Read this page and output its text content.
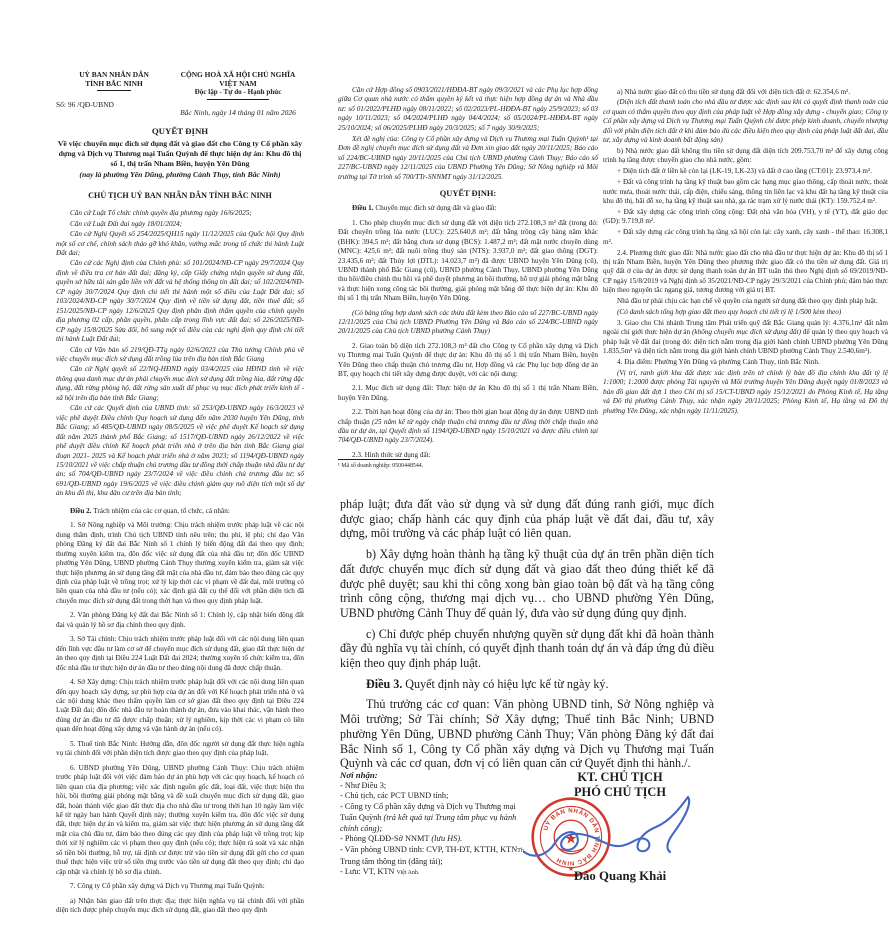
UỶ BAN NHÂN DÂN
TỈNH BẮC NINH
Số: 96 /QĐ-UBND
CỘNG HOÀ XÃ HỘI CHỦ NGHĨA VIỆT NAM
Độc lập - Tự do - Hạnh phúc
Bắc Ninh, ngày 14 tháng 01 năm 2026
QUYẾT ĐỊNH
Về việc chuyển mục đích sử dụng đất và giao đất cho Công ty Cổ phần xây dựng và Dịch vụ Thương mại Tuấn Quỳnh để thực hiện dự án: Khu đô thị số 1, thị trấn Nham Biền, huyện Yên Dũng
(nay là phường Yên Dũng, phường Cảnh Thụy, tỉnh Bắc Ninh)
CHỦ TỊCH UỶ BAN NHÂN DÂN TỈNH BẮC NINH

Căn cứ Luật Tổ chức chính quyền địa phương ngày 16/6/2025;

Căn cứ Luật Đất đai ngày 18/01/2024;

Căn cứ Nghị Quyết số 254/2025/QH15 ngày 11/12/2025 của Quốc hội Quy định một số cơ chế, chính sách tháo gỡ khó khăn, vướng mắc trong tổ chức thi hành Luật Đất đai;

Căn cứ các Nghị định của Chính phủ: số 101/2024/NĐ-CP ngày 29/7/2024 Quy định về điều tra cơ bản đất đai; đăng ký, cấp Giấy chứng nhận quyền sử dụng đất, quyền sở hữu tài sản gắn liền với đất và hệ thống thông tin đất đai; số 102/2024/NĐ-CP ngày 30/7/2024 Quy định chi tiết thi hành một số điều của Luật Đất đai; số 103/2024/NĐ-CP ngày 30/7/2024 Quy định về tiền sử dụng đất, tiền thuê đất; số 151/2025/NĐ-CP ngày 12/6/2025 Quy định phân định thẩm quyền của chính quyền địa phương 02 cấp, phân quyền, phân cấp trong lĩnh vực đất đai; số 226/2025/NĐ-CP ngày 15/8/2025 Sửa đổi, bổ sung một số điều của các nghị định quy định chi tiết thi hành Luật Đất đai;

Căn cứ Văn bản số 219/QĐ-TTg ngày 02/6/2023 của Thủ tướng Chính phủ về việc chuyển mục đích sử dụng đất trồng lúa trên địa bàn tỉnh Bắc Giang

Căn cứ Nghị quyết số 22/NQ-HĐND ngày 03/4/2025 của HĐND tỉnh về việc thông qua danh mục dự án phải chuyển mục đích sử dụng đất trồng lúa, đất rừng đặc dụng, đất rừng phòng hộ, đất rừng sản xuất để phục vụ mục đích phát triển kinh tế - xã hội trên địa bàn tỉnh Bắc Giang;

Căn cứ các Quyết định của UBND tỉnh: số 253/QĐ-UBND ngày 16/3/2023 về việc phê duyệt Điều chỉnh Quy hoạch sử dụng đến năm 2030 huyện Yên Dũng, tỉnh Bắc Giang; số 485/QĐ-UBND ngày 08/5/2025 về việc phê duyệt Kế hoạch sử dụng đất năm 2025 thành phố Bắc Giang; số 1517/QĐ-UBND ngày 26/12/2022 về việc phê duyệt điều chỉnh Kế hoạch phát triển nhà ở trên địa bàn tỉnh Bắc Giang giai đoạn 2021- 2025 và Kế hoạch phát triển nhà ở năm 2023; số 1194/QĐ-UBND ngày 15/10/2021 về việc chấp thuận chủ trương đầu tư đồng thời chấp thuận nhà đầu tư dự án; số 704/QĐ-UBND ngày 23/7/2024 về việc điều chỉnh chủ trương đầu tư; số 691/QĐ-UBND ngày 19/6/2025 về việc điều chỉnh giảm quy mô diện tích một số dự án khu đô thị, khu dân cư trên địa bàn tỉnh;

Điều 2. Trách nhiệm của các cơ quan, tổ chức, cá nhân:

1. Sở Nông nghiệp và Môi trường: Chịu trách nhiệm trước pháp luật về các nội dung thẩm định, trình Chủ tịch UBND tỉnh nêu trên; thu phí, lệ phí; chỉ đạo Văn phòng Đăng ký đất đai Bắc Ninh số 1 chỉnh lý biến động đất đai theo quy định; thường xuyên kiểm tra, đôn đốc việc sử dụng đất của nhà đầu tư; đôn đốc UBND phường Yên Dũng, UBND phường Cảnh Thụy thường xuyên kiểm tra, giám sát việc thực hiện phương án sử dụng tầng đất mặt của nhà đầu tư, đảm bảo theo đúng các quy định của pháp luật về trồng trọt; xử lý kịp thời các vi phạm về đất đai, môi trường có liên quan của nhà đầu tư (nếu có); xác định giá đất cụ thể đối với phần diện tích đã chuyển mục đích sử dụng đất trong thời hạn và theo quy định pháp luật.

2. Văn phòng Đăng ký đất đai Bắc Ninh số 1: Chỉnh lý, cập nhật biến động đất đai và quản lý hồ sơ địa chính theo quy định.

3. Sở Tài chính: Chịu trách nhiệm trước pháp luật đối với các nội dung liên quan đến lĩnh vực đầu tư làm cơ sở để chuyển mục đích sử dụng đất, giao đất thực hiện dự án theo quy định tại Điều 224 Luật Đất đai 2024; thường xuyên tổ chức kiểm tra, đôn đốc nhà đầu tư thực hiện dự án đầu tư theo đúng nội dung đã được chấp thuận.

4. Sở Xây dựng: Chịu trách nhiệm trước pháp luật đối với các nội dung liên quan đến quy hoạch xây dựng, sự phù hợp của dự án đối với Kế hoạch phát triển nhà ở và các nội dung khác theo thẩm quyền làm cơ sở giao đất theo quy định tại Điều 224 Luật Đất đai; đôn đốc nhà đầu tư hoàn thành dự án, đưa vào khai thác, vận hành theo đúng dự án đầu tư đã được chấp thuận; xử lý nghiêm, kịp thời các vi phạm có liên quan đến hoạt động xây dựng và vận hành dự án (nếu có).

5. Thuế tỉnh Bắc Ninh: Hướng dẫn, đôn đốc người sử dụng đất thực hiện nghĩa vụ tài chính đối với phần diện tích được giao theo quy định của pháp luật.

6. UBND phường Yên Dũng, UBND phường Cảnh Thụy: Chịu trách nhiệm trước pháp luật đối với việc đảm bảo dự án phù hợp với các quy hoạch, kế hoạch có liên quan của địa phương; việc xác định nguồn gốc đất, loại đất, việc thực hiện thu hồi, bồi thường giải phóng mặt bằng và đề xuất chuyển mục đích sử dụng đất, giao đất, hoàn thành việc giao đất thực địa cho nhà đầu tư trong thời hạn 10 ngày làm việc kể từ ngày ban hành Quyết định này; thường xuyên kiểm tra, đôn đốc việc sử dụng đất, thực hiện dự án và kiểm tra, giám sát việc thực hiện phương án sử dụng tầng đất mặt của chủ đầu tư, đảm bảo theo đúng các quy định của pháp luật về trồng trọt; kịp thời xử lý nghiêm các vi phạm theo quy định (nếu có); thực hiện rà soát và xác nhận số tiền bồi thường, hỗ trợ, tái định cư được trừ vào tiền sử dụng đất gửi cho cơ quan thuế thực hiện việc trừ số tiền ứng trước vào tiền sử dụng đất theo quy định; chỉ đạo cập nhật và chỉnh lý hồ sơ địa chính.

7. Công ty Cổ phần xây dựng và Dịch vụ Thương mại Tuấn Quỳnh:

a) Nhận bàn giao đất trên thực địa; thực hiện nghĩa vụ tài chính đối với phần diện tích được phép chuyển mục đích sử dụng đất, giao đất theo quy định

Căn cứ Hợp đồng số 0903/2021/HĐĐA-BT ngày 09/3/2021 và các Phụ lục hợp đồng giữa Cơ quan nhà nước có thẩm quyền ký kết và thực hiện hợp đồng dự án và Nhà đầu tư: số 01/2022/PLHĐ ngày 08/11/2022; số 02/2023/PL-HĐĐA-BT ngày 25/9/2023; số 03 ngày 10/11/2023; số 04/2024/PLHĐ ngày 04/4/2024; số 05/2024/PL-HĐĐA-BT ngày 25/10/2024; số 06/2025/PLHĐ ngày 20/3/2025; số 7 ngày 30/9/2025;

Xét đề nghị của: Công ty Cổ phần xây dựng và Dịch vụ Thương mại Tuấn Quỳnh¹ tại Đơn đề nghị chuyển mục đích sử dụng đất và Đơn xin giao đất ngày 20/11/2025; Báo cáo số 224/BC-UBND ngày 20/11/2025 của Chủ tịch UBND phường Cảnh Thụy; Báo cáo số 227/BC-UBND ngày 12/11/2025 của UBND Phường Yên Dũng; Sở Nông nghiệp và Môi trường tại Tờ trình số 700/TTr-SNNMT ngày 31/12/2025.

QUYẾT ĐỊNH:

Điều 1. Chuyển mục đích sử dụng đất và giao đất:

1. Cho phép chuyển mục đích sử dụng đất với diện tích 272.108,3 m² đất (trong đó: Đất chuyên trồng lúa nước (LUC): 225.640,8 m²; đất bằng trồng cây hàng năm khác (BHK): 394,5 m²; đất bằng chưa sử dụng (BCS): 1.487,2 m²; đất mặt nước chuyên dùng (MNC): 425,6 m²; đất nuôi trồng thuỷ sản (NTS): 3.937,0 m²; đất giao thông (DGT): 23.435,6 m²; đất Thủy lợi (DTL): 14.023,7 m²) đã được UBND huyện Yên Dũng (cũ), UBND thành phố Bắc Giang (cũ), UBND phường Cảnh Thụy, UBND phường Yên Dũng thu hồi/điều chỉnh thu hồi và phê duyệt phương án bồi thường, hỗ trợ giải phóng mặt bằng và thực hiện xong công tác bồi thường, giải phóng mặt bằng để thực hiện dự án: Khu đô thị số 1 thị trấn Nham Biền, huyện Yên Dũng.

(Có bảng tổng hợp danh sách các thửa đất kèm theo Báo cáo số 227/BC-UBND ngày 12/11/2025 của Chủ tịch UBND Phường Yên Dũng và Báo cáo số 224/BC-UBND ngày 20/11/2025 của Chủ tịch UBND phường Cảnh Thụy)

2. Giao toàn bộ diện tích 272.108,3 m² đất cho Công ty Cổ phần xây dựng và Dịch vụ Thương mại Tuấn Quỳnh để thực dự án: Khu đô thị số 1 thị trấn Nham Biền, huyện Yên Dũng theo chấp thuận chủ trương đầu tư, Hợp đồng và các Phụ lục hợp đồng dự án BT, quy hoạch chi tiết xây dựng được duyệt, với các nội dung:

2.1. Mục đích sử dụng đất: Thực hiện dự án Khu đô thị số 1 thị trấn Nham Biền, huyện Yên Dũng.

2.2. Thời hạn hoạt động của dự án: Theo thời gian hoạt động dự án được UBND tỉnh chấp thuận (25 năm kể từ ngày chấp thuận chủ trương đầu tư đồng thời chấp thuận nhà đầu tư dự án, tại Quyết định số 1194/QĐ-UBND ngày 15/10/2021 và được điều chỉnh tại 704/QĐ-UBND ngày 23/7/2024).

2.3. Hình thức sử dụng đất:

¹ Mã số doanh nghiệp: 0500448544.

a) Nhà nước giao đất có thu tiền sử dụng đất đối với diện tích đất ở: 62.354,6 m².

(Diện tích đất thanh toán cho nhà đầu tư được xác định sau khi có quyết định thanh toán của cơ quan có thẩm quyền theo quy định của pháp luật về Hợp đồng xây dựng - chuyển giao; Công ty Cổ phần xây dựng và Dịch vụ Thương mại Tuấn Quỳnh chỉ được phép kinh doanh, chuyển nhượng đối với phần diện tích đất ở khi đảm bảo đủ các điều kiện theo quy định của pháp luật đất đai, đầu tư, xây dựng và kinh doanh bất động sản)

b) Nhà nước giao đất không thu tiền sử dụng đất diện tích 209.753,70 m² để xây dựng công trình hạ tầng được chuyển giao cho nhà nước, gồm:

+ Diện tích đất ở liền kề còn lại (LK-19, LK-23) và đất ở cao tầng (CT:01): 23.973,4 m².

+ Đất và công trình hạ tầng kỹ thuật bao gồm các hạng mục giao thông, cấp thoát nước, thoát nước mưa, thoát nước thải, cấp điện, chiếu sáng, thông tin liên lạc và khu đất hạ tầng kỹ thuật của khu đô thị, bãi đỗ xe, hạ tầng kỹ thuật sau nhà, ga rác trạm xử lý nước thải (KT): 159.752,4 m².

+ Đất xây dựng các công trình công cộng: Đất nhà văn hóa (VH), y tế (YT), đất giáo dục (GD): 9.719,8 m².

+ Đất xây dựng các công trình hạ tầng xã hội còn lại: cây xanh, cây xanh - thể thao: 16.308,1 m².

2.4. Phương thức giao đất: Nhà nước giao đất cho nhà đầu tư thực hiện dự án: Khu đô thị số 1 thị trấn Nham Biền, huyện Yên Dũng theo phương thức giao đất có thu tiền sử dụng đất. Giá trị quỹ đất ở của dự án được sử dụng thanh toán dự án BT tuân thủ theo Nghị định số 69/2019/NĐ-CP ngày 15/8/2019 và Nghị định số 35/2021/NĐ-CP ngày 29/3/2021 của Chính phủ; đảm bảo thực hiện theo nguyên tắc ngang giá, tương đương với giá trị BT.

Nhà đầu tư phải chịu các hạn chế về quyền của người sử dụng đất theo quy định pháp luật.

(Có danh sách tổng hợp giao đất theo quy hoạch chi tiết tỷ lệ 1/500 kèm theo)

3. Giao cho Chi nhánh Trung tâm Phát triển quỹ đất Bắc Giang quản lý: 4.376,1m² đất nằm ngoài chỉ giới thực hiện dự án (không chuyển mục đích sử dụng đất) để quản lý theo quy hoạch và pháp luật về đất đai (trong đó: diện tích nằm trong địa giới hành chính UBND phường Yên Dũng 1.835,5m² và diện tích nằm trong địa giới hành chính UBND phường Cảnh Thụy 2.540,6m²).

4. Địa điểm: Phường Yên Dũng và phường Cảnh Thụy, tỉnh Bắc Ninh.

(Vị trí, ranh giới khu đất được xác định trên tờ chỉnh lý bản đồ địa chính khu đất tỷ lệ 1:1000; 1:2000 được phòng Tài nguyên và Môi trường huyện Yên Dũng duyệt ngày 01/8/2023 và bản đồ giao đất đợt 1 theo Chỉ thị số 15/CT-UBND ngày 15/12/2021 do Phòng Kinh tế, Hạ tầng và Đô thị phường Cảnh Thụy, xác nhận ngày 20/11/2025; Phòng Kinh tế, Hạ tầng và Đô thị phường Yên Dũng, xác nhận ngày 11/11/2025).

pháp luật; đưa đất vào sử dụng và sử dụng đất đúng ranh giới, mục đích được giao; chấp hành các quy định của pháp luật về đất đai, đầu tư, xây dựng, môi trường và các pháp luật có liên quan.

b) Xây dựng hoàn thành hạ tầng kỹ thuật của dự án trên phần diện tích đất được chuyển mục đích sử dụng đất và giao đất theo đúng thiết kế đã được phê duyệt; sau khi thi công xong bàn giao toàn bộ đất và hạ tầng công trình công cộng, thương mại dịch vụ… cho UBND phường Yên Dũng, UBND phường Cảnh Thuy để quản lý, đưa vào sử dụng đúng quy định.

c) Chỉ được phép chuyển nhượng quyền sử dụng đất khi đã hoàn thành đầy đủ nghĩa vụ tài chính, có quyết định thanh toán dự án và đáp ứng đủ điều kiện theo quy định pháp luật.

Điều 3. Quyết định này có hiệu lực kể từ ngày ký.

Thủ trưởng các cơ quan: Văn phòng UBND tỉnh, Sở Nông nghiệp và Môi trường; Sở Tài chính; Sở Xây dựng; Thuế tỉnh Bắc Ninh; UBND phường Yên Dũng, UBND phường Cảnh Thuy; Văn phòng Đăng ký đất đai Bắc Ninh số 1, Công ty Cổ phần xây dựng và Dịch vụ Thương mại Tuấn Quỳnh và các cơ quan, đơn vị có liên quan căn cứ Quyết định thi hành./.

Nơi nhận:

- Như Điều 3;

- Chủ tịch, các PCT UBND tỉnh;

- Công ty Cổ phần xây dựng và Dịch vụ Thương mại Tuấn Quỳnh (trả kết quả tại Trung tâm phục vụ hành chính công);

- Phòng QLĐĐ-Sở NNMT (lưu HS).

- Văn phòng UBND tỉnh: CVP, TH-ĐT, KTTH, KTNTh, Trung tâm thông tin (đăng tải);

- Lưu: VT, KTN Việt Anh.

KT. CHỦ TỊCH
PHÓ CHỦ TỊCH
UỶ BAN NHÂN DÂN TỈNH BẮC NINH
★
★ Đào Quang Khải
